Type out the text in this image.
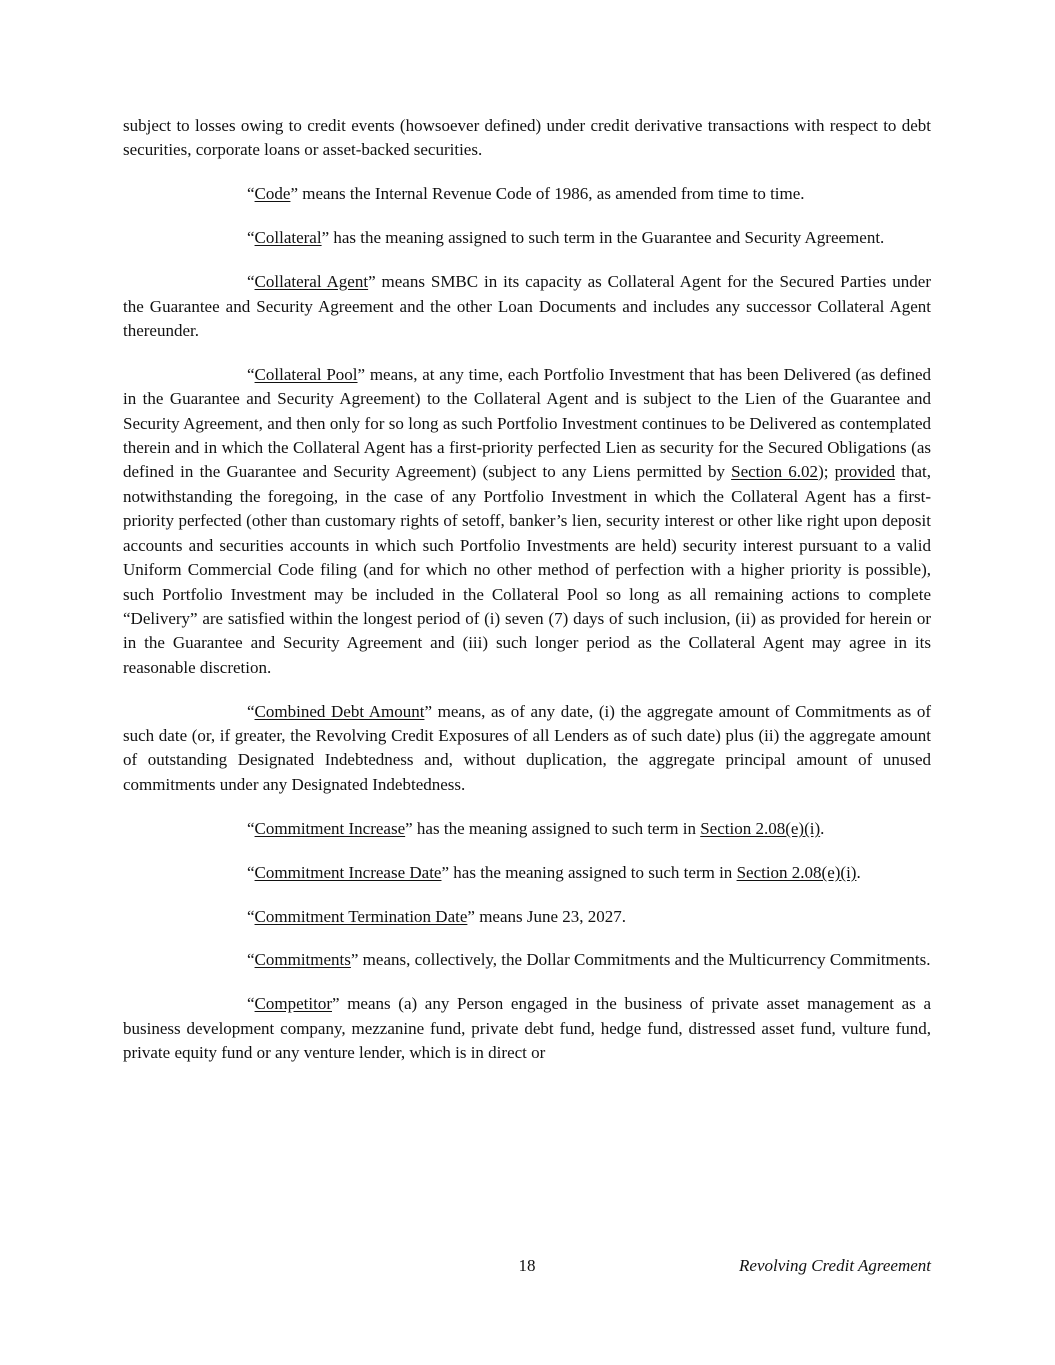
subject to losses owing to credit events (howsoever defined) under credit derivative transactions with respect to debt securities, corporate loans or asset-backed securities.

“Code” means the Internal Revenue Code of 1986, as amended from time to time.

“Collateral” has the meaning assigned to such term in the Guarantee and Security Agreement.

“Collateral Agent” means SMBC in its capacity as Collateral Agent for the Secured Parties under the Guarantee and Security Agreement and the other Loan Documents and includes any successor Collateral Agent thereunder.

“Collateral Pool” means, at any time, each Portfolio Investment that has been Delivered (as defined in the Guarantee and Security Agreement) to the Collateral Agent and is subject to the Lien of the Guarantee and Security Agreement, and then only for so long as such Portfolio Investment continues to be Delivered as contemplated therein and in which the Collateral Agent has a first-priority perfected Lien as security for the Secured Obligations (as defined in the Guarantee and Security Agreement) (subject to any Liens permitted by Section 6.02); provided that, notwithstanding the foregoing, in the case of any Portfolio Investment in which the Collateral Agent has a first-priority perfected (other than customary rights of setoff, banker’s lien, security interest or other like right upon deposit accounts and securities accounts in which such Portfolio Investments are held) security interest pursuant to a valid Uniform Commercial Code filing (and for which no other method of perfection with a higher priority is possible), such Portfolio Investment may be included in the Collateral Pool so long as all remaining actions to complete “Delivery” are satisfied within the longest period of (i) seven (7) days of such inclusion, (ii) as provided for herein or in the Guarantee and Security Agreement and (iii) such longer period as the Collateral Agent may agree in its reasonable discretion.

“Combined Debt Amount” means, as of any date, (i) the aggregate amount of Commitments as of such date (or, if greater, the Revolving Credit Exposures of all Lenders as of such date) plus (ii) the aggregate amount of outstanding Designated Indebtedness and, without duplication, the aggregate principal amount of unused commitments under any Designated Indebtedness.

“Commitment Increase” has the meaning assigned to such term in Section 2.08(e)(i).

“Commitment Increase Date” has the meaning assigned to such term in Section 2.08(e)(i).

“Commitment Termination Date” means June 23, 2027.

“Commitments” means, collectively, the Dollar Commitments and the Multicurrency Commitments.

“Competitor” means (a) any Person engaged in the business of private asset management as a business development company, mezzanine fund, private debt fund, hedge fund, distressed asset fund, vulture fund, private equity fund or any venture lender, which is in direct or

18	Revolving Credit Agreement
